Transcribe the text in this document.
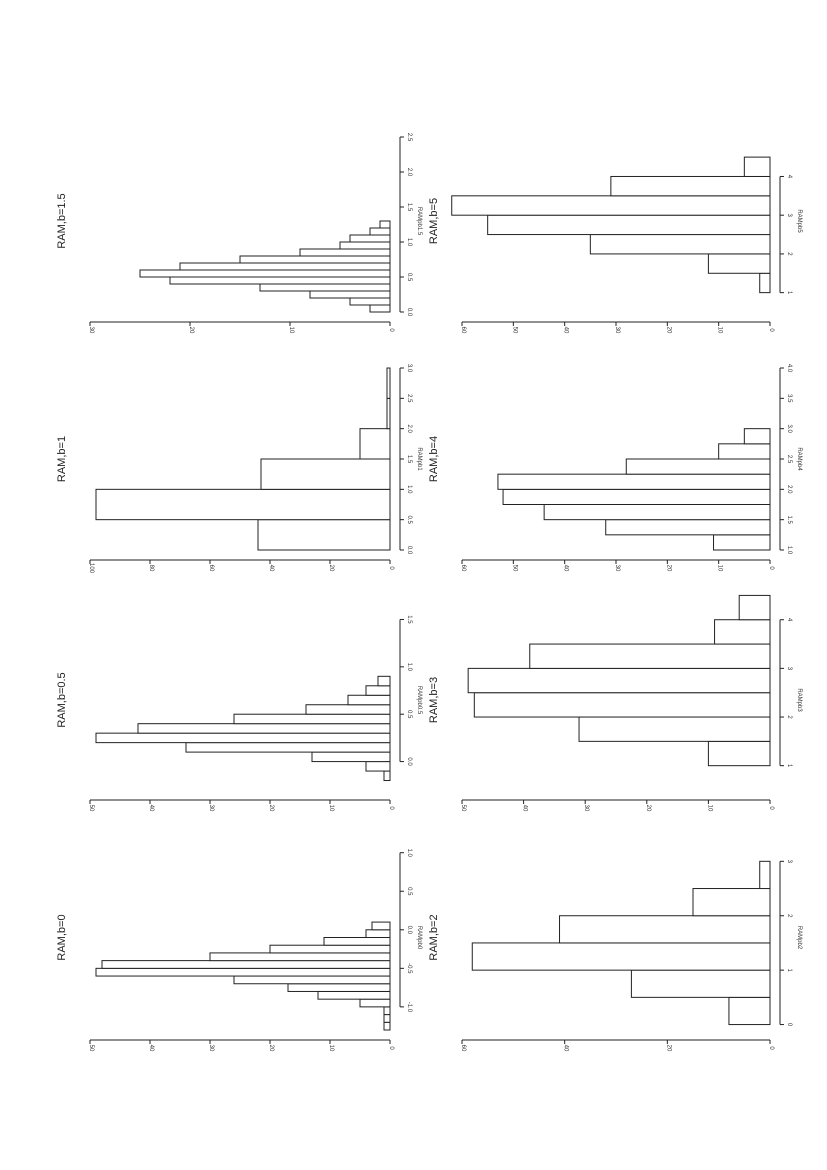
-1.0
-0.5
0.0
0.5
1.0
RAMpb0
0
10
20
30
40
50
RAM,b=0
0.0
0.5
1.0
1.5
RAMpb0.5
0
10
20
30
40
50
RAM,b=0.5
0.0
0.5
1.0
1.5
2.0
2.5
3.0
RAMpb1
0
20
40
60
80
100
RAM,b=1
0.0
0.5
1.0
1.5
2.0
2.5
RAMpb1.5
0
10
20
30
RAM,b=1.5
0
1
2
3
RAMpb2
0
20
40
60
RAM,b=2
1
2
3
4
RAMpb3
0
10
20
30
40
50
RAM,b=3
1.0
1.5
2.0
2.5
3.0
3.5
4.0
RAMpb4
0
10
20
30
40
50
60
RAM,b=4
1
2
3
4
RAMpb5
0
10
20
30
40
50
60
RAM,b=5
